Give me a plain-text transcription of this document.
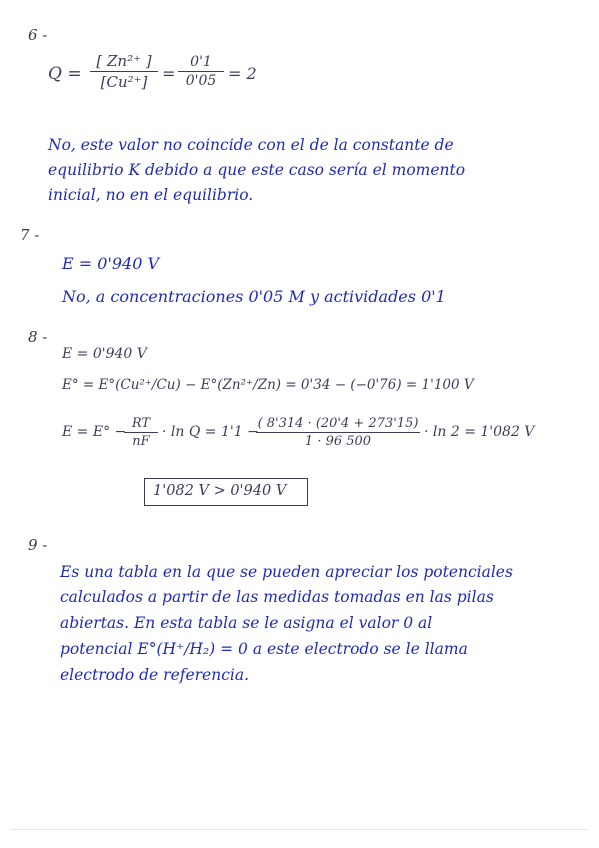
6 -
Q =
[ Zn²⁺ ]
[Cu²⁺] =
0'1
0'05 = 2
No, este valor no coincide con el de la constante de
equilibrio K debido a que este caso sería el momento
inicial, no en el equilibrio.
7 -
E = 0'940 V
No, a concentraciones 0'05 M y actividades 0'1
8 -
E = 0'940 V
E° = E°(Cu²⁺/Cu) − E°(Zn²⁺/Zn) = 0'34 − (−0'76) = 1'100 V
E = E° −
RT
nF
· ln Q = 1'1 −
( 8'314 · (20'4 + 273'15)
1 · 96 500
· ln 2 = 1'082 V
1'082 V > 0'940 V
9 -
Es una tabla en la que se pueden apreciar los potenciales
calculados a partir de las medidas tomadas en las pilas
abiertas. En esta tabla se le asigna el valor 0 al
potencial E°(H⁺/H₂) = 0 a este electrodo se le llama
electrodo de referencia.
